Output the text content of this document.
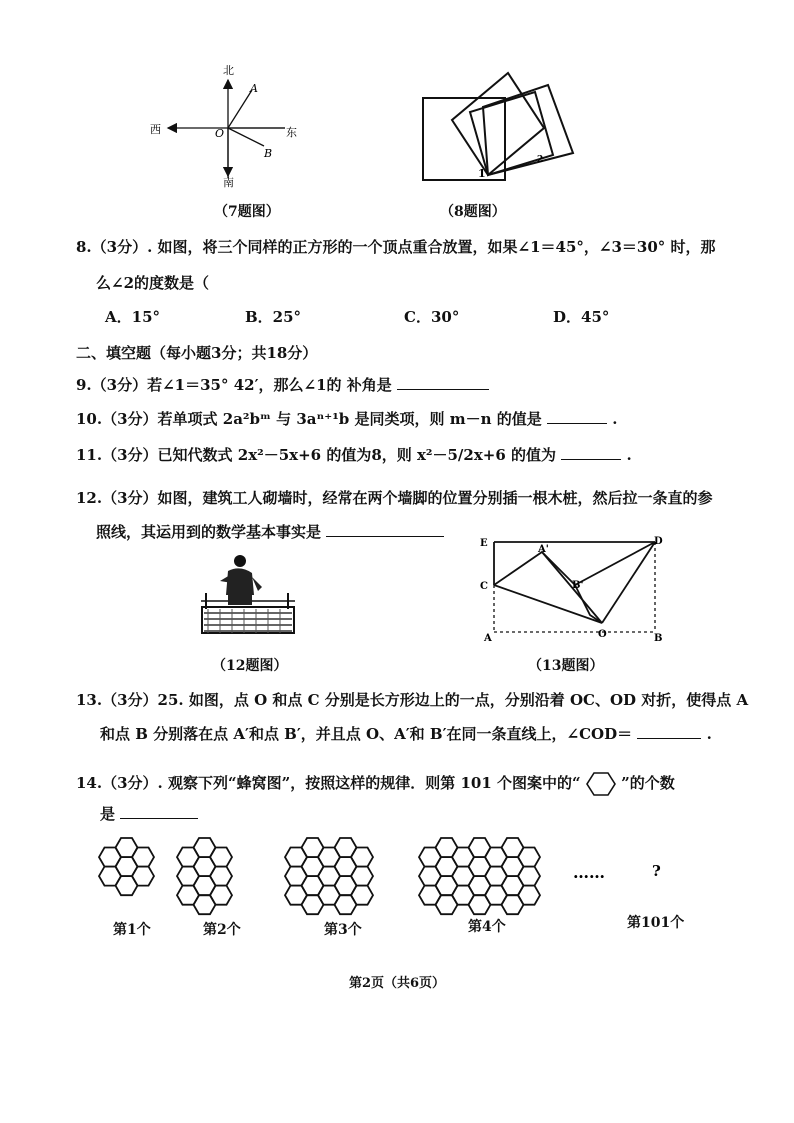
北
南
西	东
O
A
B
（7题图）
1
2
（8题图）
8.（3分）. 如图，将三个同样的正方形的一个顶点重合放置，如果∠1＝45°，∠3＝30° 时，那
么∠2的度数是（
A．15°	B．25°	C．30°	D．45°
二、填空题（每小题3分；共18分）
9.（3分）若∠1＝35° 42′，那么∠1的 补角是
10.（3分）若单项式 2a²bᵐ 与 3aⁿ⁺¹b 是同类项，则 m－n 的值是	.
11.（3分）已知代数式 2x²－5x+6 的值为8，则 x²－5/2x+6 的值为	.
12.（3分）如图，建筑工人砌墙时，经常在两个墙脚的位置分别插一根木桩，然后拉一条直的参
照线，其运用到的数学基本事实是
（12题图）
E	D
A'
B'
C
A	O	B
（13题图）
13.（3分）25. 如图，点 O 和点 C 分别是长方形边上的一点，分别沿着 OC、OD 对折，使得点 A
和点 B 分别落在点 A′和点 B′，并且点 O、A′和 B′在同一条直线上，∠COD＝	.
14.（3分）. 观察下列“蜂窝图”，按照这样的规律．则第 101 个图案中的“	”的个数
是
……	?
第1个	第2个	第3个	第4个	第101个
第2页（共6页）
